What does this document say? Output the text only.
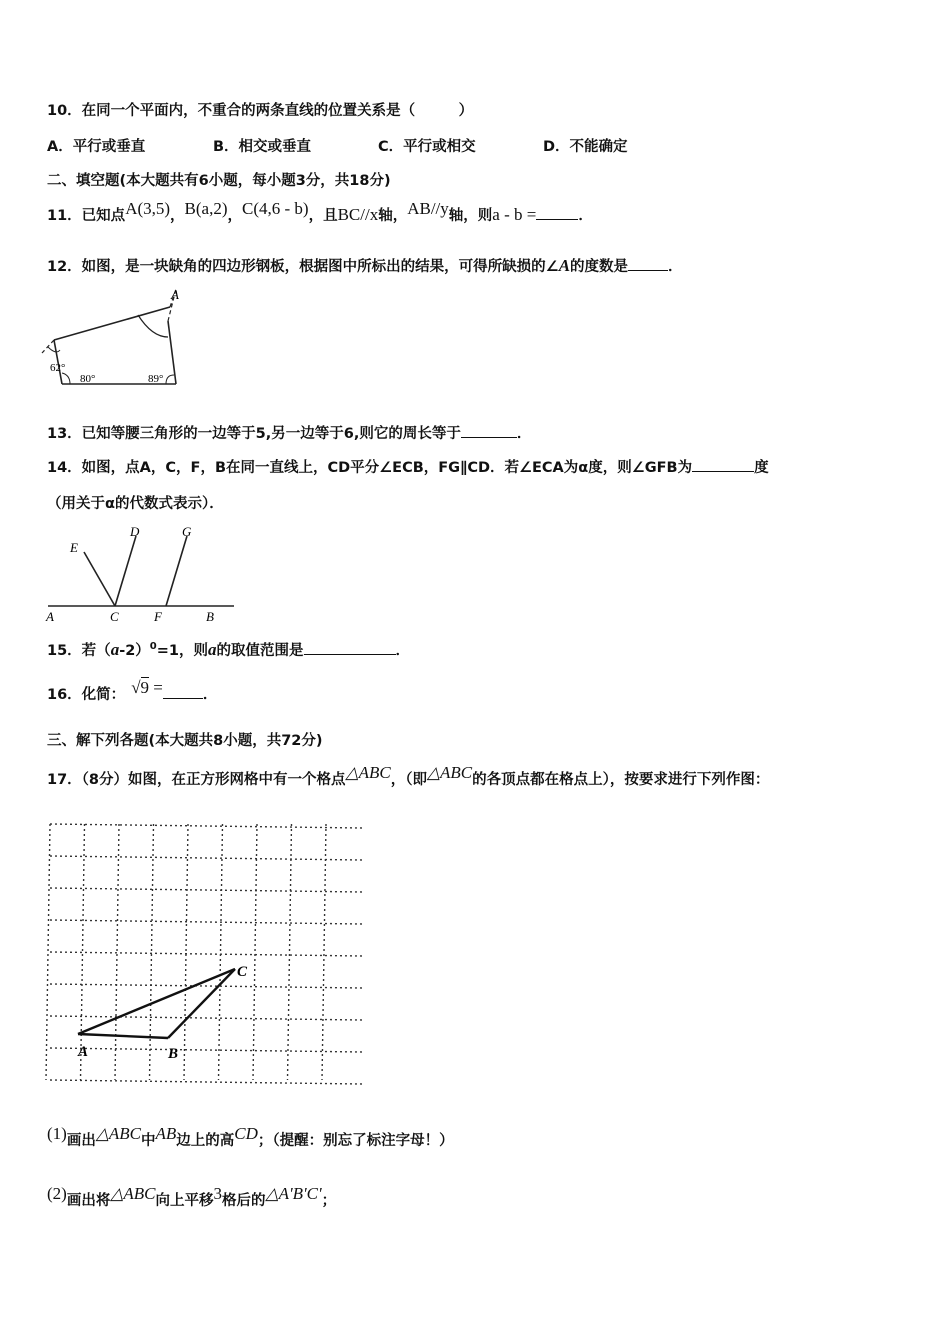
10．在同一个平面内，不重合的两条直线的位置关系是（　　　）
A．平行或垂直	B．相交或垂直	C．平行或相交	D．不能确定
二、填空题(本大题共有6小题，每小题3分，共18分)
11．已知点A(3,5)，B(a,2)，C(4,6 - b)，且BC//x轴，AB//y轴，则a - b =	．
12．如图，是一块缺角的四边形钢板，根据图中所标出的结果，可得所缺损的∠A的度数是	．
A
62°
80°	89°
13．已知等腰三角形的一边等于5,另一边等于6,则它的周长等于	．
14．如图，点A，C，F，B在同一直线上，CD平分∠ECB，FG∥CD．若∠ECA为α度，则∠GFB为	度
（用关于α的代数式表示）．
E
D	G
A	C	F	B
15．若$(a-2)^0=1$，则a的取值范围是	．
16．化简： √9 =	．
三、解下列各题(本大题共8小题，共72分)
17．（8分）如图，在正方形网格中有一个格点△ABC，（即△ABC的各顶点都在格点上），按要求进行下列作图：
A	B
C
(1)画出△ABC中AB边上的高CD；（提醒：别忘了标注字母！）
(2)画出将△ABC向上平移3格后的△A'B'C'；
